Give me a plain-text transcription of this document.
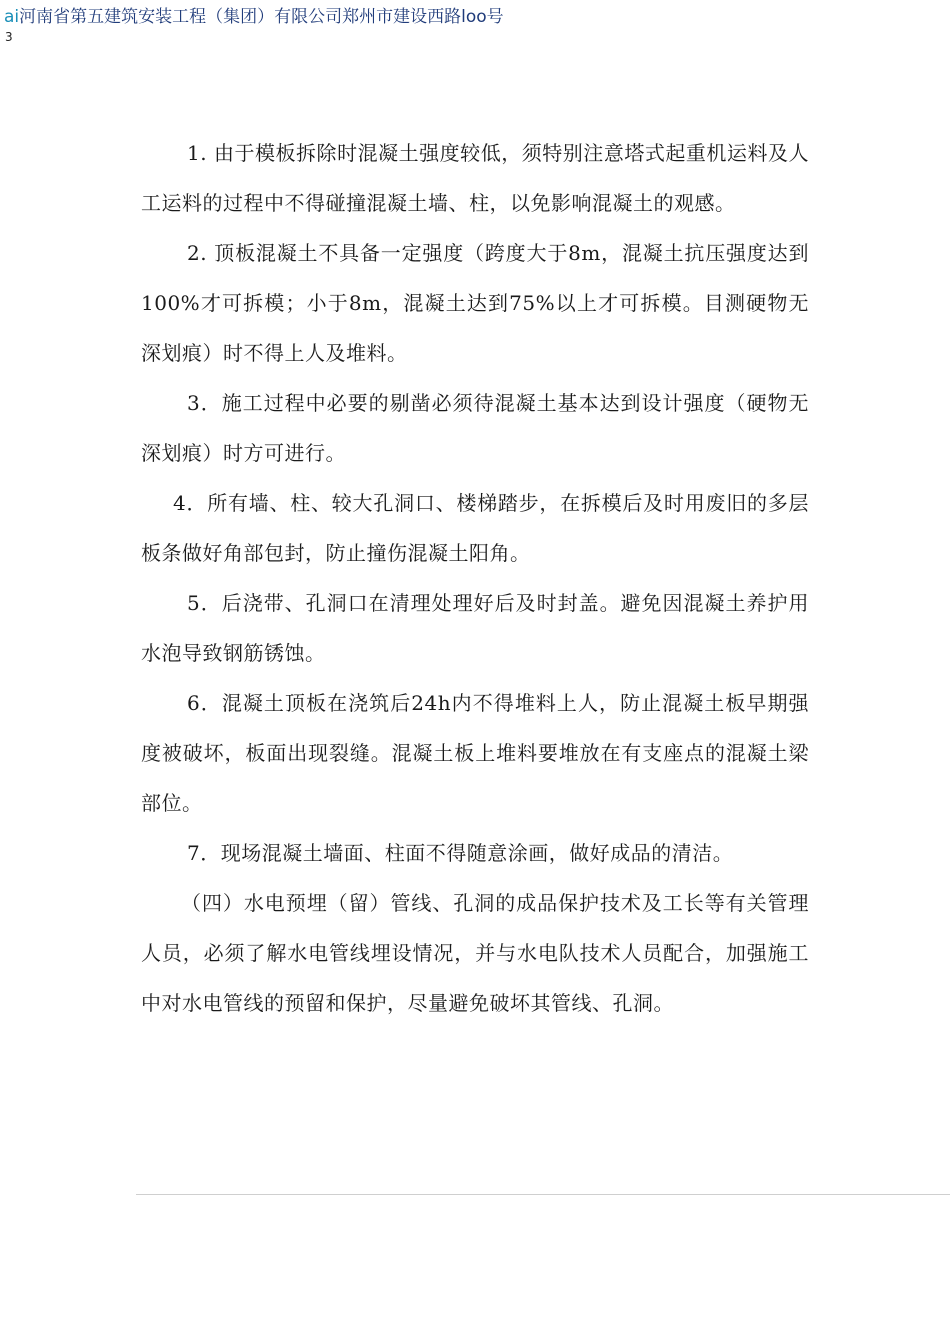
ai河南省第五建筑安装工程（集团）有限公司郑州市建设西路loo号
3

1. 由于模板拆除时混凝土强度较低，须特别注意塔式起重机运料及人工运料的过程中不得碰撞混凝土墙、柱，以免影响混凝土的观感。

2. 顶板混凝土不具备一定强度（跨度大于8m，混凝土抗压强度达到100%才可拆模；小于8m，混凝土达到75%以上才可拆模。目测硬物无深划痕）时不得上人及堆料。

3．施工过程中必要的剔凿必须待混凝土基本达到设计强度（硬物无深划痕）时方可进行。

4．所有墙、柱、较大孔洞口、楼梯踏步，在拆模后及时用废旧的多层板条做好角部包封，防止撞伤混凝土阳角。

5．后浇带、孔洞口在清理处理好后及时封盖。避免因混凝土养护用水泡导致钢筋锈蚀。

6．混凝土顶板在浇筑后24h内不得堆料上人，防止混凝土板早期强度被破坏，板面出现裂缝。混凝土板上堆料要堆放在有支座点的混凝土梁部位。

7．现场混凝土墙面、柱面不得随意涂画，做好成品的清洁。

（四）水电预埋（留）管线、孔洞的成品保护技术及工长等有关管理人员，必须了解水电管线埋设情况，并与水电队技术人员配合，加强施工中对水电管线的预留和保护，尽量避免破坏其管线、孔洞。
